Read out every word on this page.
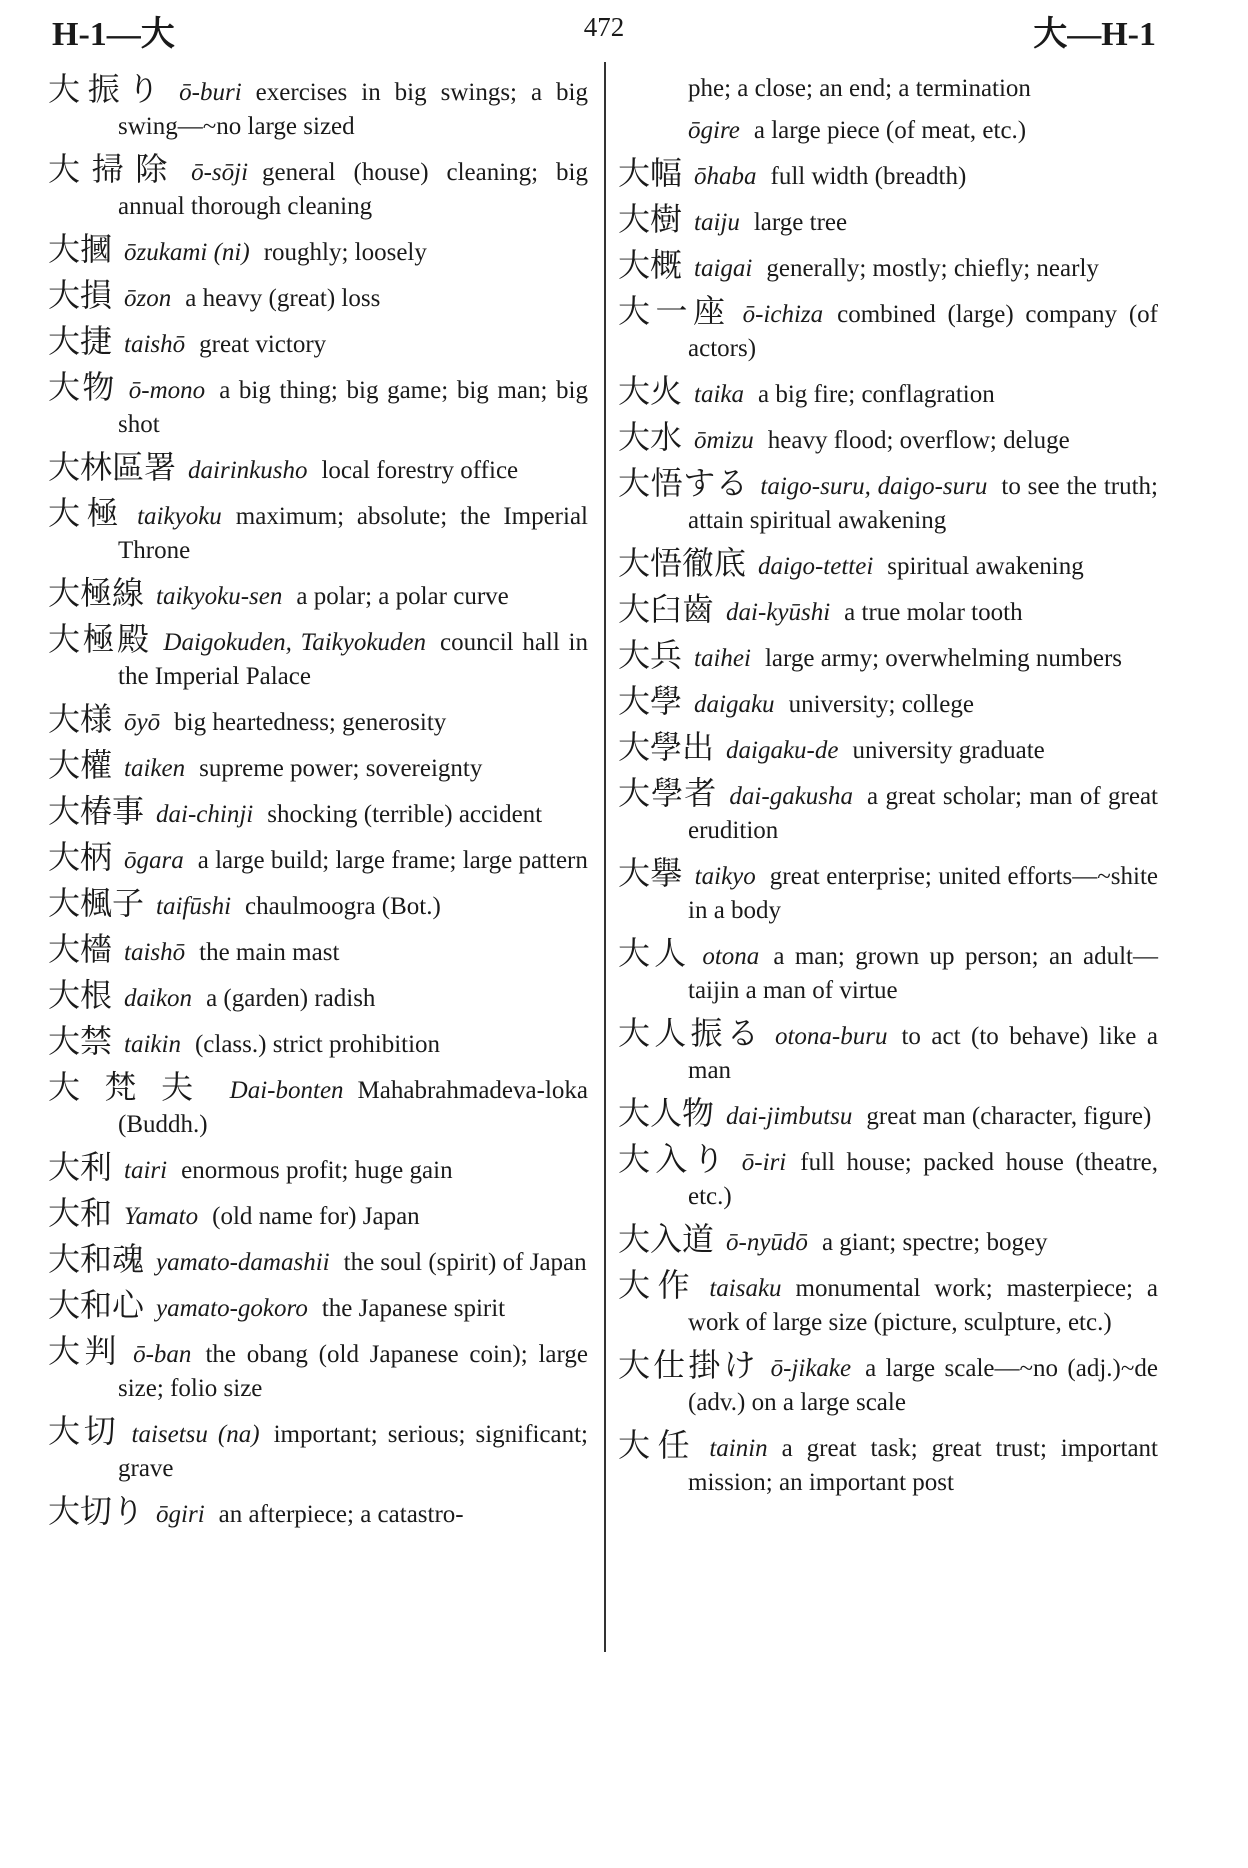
H-1—大	472	大—H-1
大振り ō-buri exercises in big swings; a big swing—~no large sized
大掃除 ō-sōji general (house) cleaning; big annual thorough cleaning
大摑 ōzukami (ni) roughly; loosely
大損 ōzon a heavy (great) loss
大捷 taishō great victory
大物 ō-mono a big thing; big game; big man; big shot
大林區署 dairinkusho local forestry office
大極 taikyoku maximum; absolute; the Imperial Throne
大極線 taikyoku-sen a polar; a polar curve
大極殿 Daigokuden, Taikyokuden council hall in the Imperial Palace
大様 ōyō big heartedness; generosity
大權 taiken supreme power; sovereignty
大椿事 dai-chinji shocking (terrible) accident
大柄 ōgara a large build; large frame; large pattern
大楓子 taifūshi chaulmoogra (Bot.)
大檣 taishō the main mast
大根 daikon a (garden) radish
大禁 taikin (class.) strict prohibition
大梵夫 Dai-bonten Mahabrahmadeva-loka (Buddh.)
大利 tairi enormous profit; huge gain
大和 Yamato (old name for) Japan
大和魂 yamato-damashii the soul (spirit) of Japan
大和心 yamato-gokoro the Japanese spirit
大判 ō-ban the obang (old Japanese coin); large size; folio size
大切 taisetsu (na) important; serious; significant; grave
大切り ōgiri an afterpiece; a catastro-
phe; a close; an end; a termination
ōgire a large piece (of meat, etc.)
大幅 ōhaba full width (breadth)
大樹 taiju large tree
大概 taigai generally; mostly; chiefly; nearly
大一座 ō-ichiza combined (large) company (of actors)
大火 taika a big fire; conflagration
大水 ōmizu heavy flood; overflow; deluge
大悟する taigo-suru, daigo-suru to see the truth; attain spiritual awakening
大悟徹底 daigo-tettei spiritual awakening
大臼齒 dai-kyūshi a true molar tooth
大兵 taihei large army; overwhelming numbers
大學 daigaku university; college
大學出 daigaku-de university graduate
大學者 dai-gakusha a great scholar; man of great erudition
大擧 taikyo great enterprise; united efforts—~shite in a body
大人 otona a man; grown up person; an adult—taijin a man of virtue
大人振る otona-buru to act (to behave) like a man
大人物 dai-jimbutsu great man (character, figure)
大入り ō-iri full house; packed house (theatre, etc.)
大入道 ō-nyūdō a giant; spectre; bogey
大作 taisaku monumental work; masterpiece; a work of large size (picture, sculpture, etc.)
大仕掛け ō-jikake a large scale—~no (adj.)~de (adv.) on a large scale
大任 tainin a great task; great trust; important mission; an important post
